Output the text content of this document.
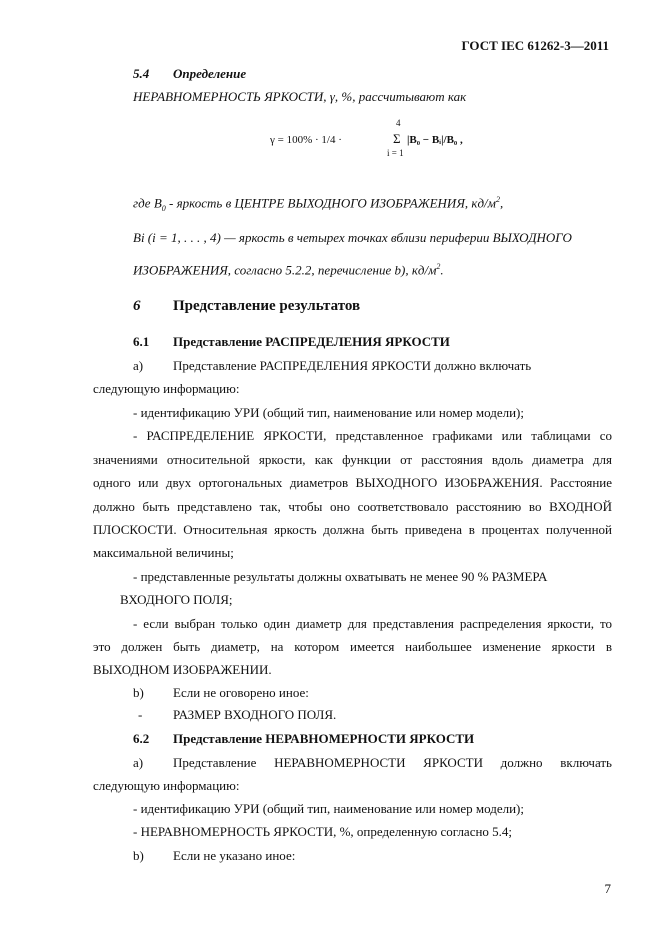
ГОСТ IEC 61262-3—2011
5.4 Определение
НЕРАВНОМЕРНОСТЬ ЯРКОСТИ, γ, %, рассчитывают как
γ = 100% · 1/4 ·
4
Σ
i = 1
|B₀ − Bᵢ|/B₀ ,
где $B_0$ - яркость в ЦЕНТРЕ ВЫХОДНОГО ИЗОБРАЖЕНИЯ, $кд/м^2$,
Bi (i = 1, . . . , 4) — яркость в четырех точках вблизи периферии ВЫХОДНОГО
ИЗОБРАЖЕНИЯ, согласно 5.2.2, перечисление b), $кд/м^2$.
6 Представление результатов
6.1 Представление РАСПРЕДЕЛЕНИЯ ЯРКОСТИ
а) Представление РАСПРЕДЕЛЕНИЯ ЯРКОСТИ должно включать
следующую информацию:
- идентификацию УРИ (общий тип, наименование или номер модели);
- РАСПРЕДЕЛЕНИЕ ЯРКОСТИ, представленное графиками или таблицами со
значениями относительной яркости, как функции от расстояния вдоль диаметра для
одного или двух ортогональных диаметров ВЫХОДНОГО ИЗОБРАЖЕНИЯ. Расстояние
должно быть представлено так, чтобы оно соответствовало расстоянию во ВХОДНОЙ
ПЛОСКОСТИ. Относительная яркость должна быть приведена в процентах полученной
максимальной величины;
- представленные результаты должны охватывать не менее 90 % РАЗМЕРА
ВХОДНОГО ПОЛЯ;
- если выбран только один диаметр для представления распределения яркости, то
это должен быть диаметр, на котором имеется наибольшее изменение яркости в
ВЫХОДНОМ ИЗОБРАЖЕНИИ.
b) Если не оговорено иное:
- РАЗМЕР ВХОДНОГО ПОЛЯ.
6.2 Представление НЕРАВНОМЕРНОСТИ ЯРКОСТИ
а) Представление НЕРАВНОМЕРНОСТИ ЯРКОСТИ должно включать
следующую информацию:
- идентификацию УРИ (общий тип, наименование или номер модели);
- НЕРАВНОМЕРНОСТЬ ЯРКОСТИ, %, определенную согласно 5.4;
b) Если не указано иное:
7
